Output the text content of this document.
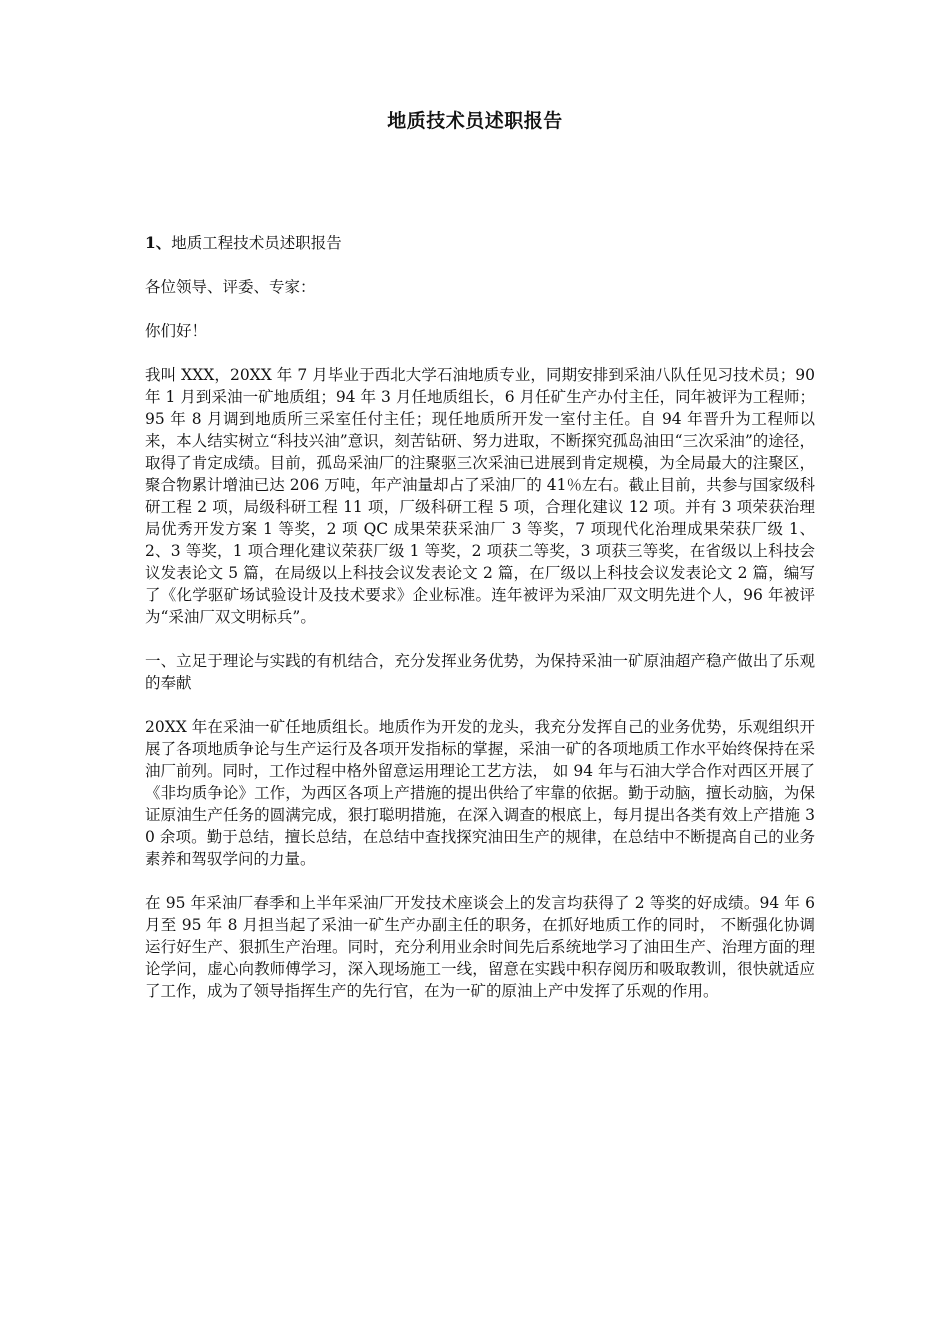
地质技术员述职报告

1、地质工程技术员述职报告

各位领导、评委、专家：

你们好！

我叫 XXX，20XX 年 7 月毕业于西北大学石油地质专业，同期安排到采油八队任见习技术员；90 年 1 月到采油一矿地质组；94 年 3 月任地质组长，6 月任矿生产办付主任，同年被评为工程师；95 年 8 月调到地质所三采室任付主任；现任地质所开发一室付主任。自 94 年晋升为工程师以来，本人结实树立“科技兴油”意识，刻苦钻研、努力进取，不断探究孤岛油田“三次采油”的途径，取得了肯定成绩。目前，孤岛采油厂的注聚驱三次采油已进展到肯定规模，为全局最大的注聚区，聚合物累计增油已达 206 万吨，年产油量却占了采油厂的 41％左右。截止目前，共参与国家级科研工程 2 项，局级科研工程 11 项，厂级科研工程 5 项，合理化建议 12 项。并有 3 项荣获治理局优秀开发方案 1 等奖，2 项 QC 成果荣获采油厂 3 等奖，7 项现代化治理成果荣获厂级 1、2、3 等奖，1 项合理化建议荣获厂级 1 等奖，2 项获二等奖，3 项获三等奖，在省级以上科技会议发表论文 5 篇，在局级以上科技会议发表论文 2 篇，在厂级以上科技会议发表论文 2 篇，编写了《化学驱矿场试验设计及技术要求》企业标准。连年被评为采油厂双文明先进个人，96 年被评为“采油厂双文明标兵”。

一、立足于理论与实践的有机结合，充分发挥业务优势，为保持采油一矿原油超产稳产做出了乐观的奉献

20XX 年在采油一矿任地质组长。地质作为开发的龙头，我充分发挥自己的业务优势，乐观组织开展了各项地质争论与生产运行及各项开发指标的掌握，采油一矿的各项地质工作水平始终保持在采油厂前列。同时，工作过程中格外留意运用理论工艺方法， 如 94 年与石油大学合作对西区开展了《非均质争论》工作，为西区各项上产措施的提出供给了牢靠的依据。勤于动脑，擅长动脑，为保证原油生产任务的圆满完成，狠打聪明措施，在深入调查的根底上，每月提出各类有效上产措施 30 余项。勤于总结，擅长总结，在总结中查找探究油田生产的规律，在总结中不断提高自己的业务素养和驾驭学问的力量。

在 95 年采油厂春季和上半年采油厂开发技术座谈会上的发言均获得了 2 等奖的好成绩。94 年 6 月至 95 年 8 月担当起了采油一矿生产办副主任的职务，在抓好地质工作的同时， 不断强化协调运行好生产、狠抓生产治理。同时，充分利用业余时间先后系统地学习了油田生产、治理方面的理论学问，虚心向教师傅学习，深入现场施工一线，留意在实践中积存阅历和吸取教训，很快就适应了工作，成为了领导指挥生产的先行官，在为一矿的原油上产中发挥了乐观的作用。
